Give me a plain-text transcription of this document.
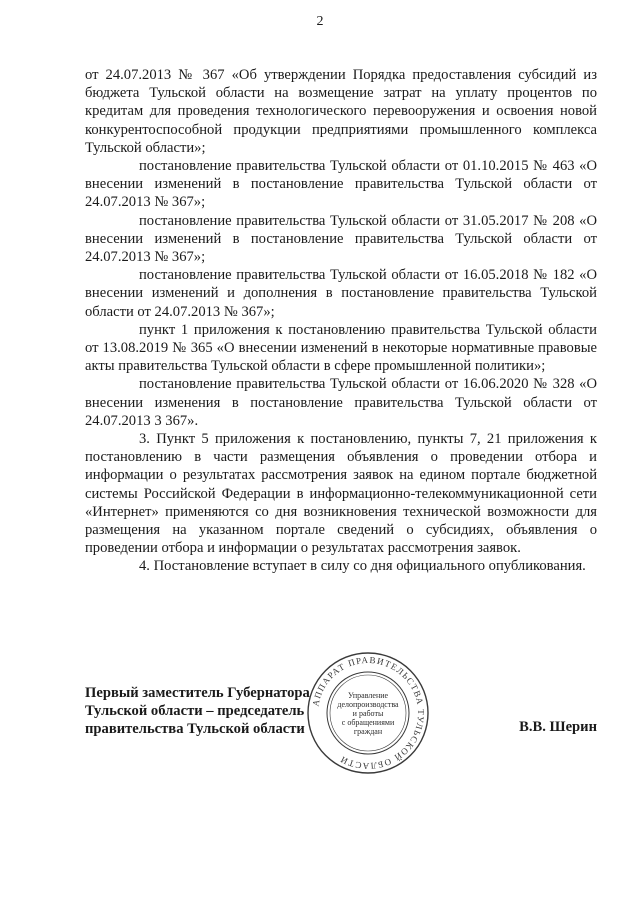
2

от 24.07.2013 № 367 «Об утверждении Порядка предоставления субсидий из бюджета Тульской области на возмещение затрат на уплату процентов по кредитам для проведения технологического перевооружения и освоения новой конкурентоспособной продукции предприятиями промышленного комплекса Тульской области»;

постановление правительства Тульской области от 01.10.2015 № 463 «О внесении изменений в постановление правительства Тульской области от 24.07.2013 № 367»;

постановление правительства Тульской области от 31.05.2017 № 208 «О внесении изменений в постановление правительства Тульской области от 24.07.2013 № 367»;

постановление правительства Тульской области от 16.05.2018 № 182 «О внесении изменений и дополнения в постановление правительства Тульской области от 24.07.2013 № 367»;

пункт 1 приложения к постановлению правительства Тульской области от 13.08.2019 № 365 «О внесении изменений в некоторые нормативные правовые акты правительства Тульской области в сфере промышленной политики»;

постановление правительства Тульской области от 16.06.2020 № 328 «О внесении изменения в постановление правительства Тульской области от 24.07.2013 3 367».

3. Пункт 5 приложения к постановлению, пункты 7, 21 приложения к постановлению в части размещения объявления о проведении отбора и информации о результатах рассмотрения заявок на едином портале бюджетной системы Российской Федерации в информационно-телекоммуникационной сети «Интернет» применяются со дня возникновения технической возможности для размещения на указанном портале сведений о субсидиях, объявления о проведении отбора и информации о результатах рассмотрения заявок.

4. Постановление вступает в силу со дня официального опубликования.

АППАРАТ ПРАВИТЕЛЬСТВА ТУЛЬСКОЙ ОБЛАСТИ
Управление
делопроизводства
и работы
с обращениями
граждан
Первый заместитель Губернатора
Тульской области – председатель
правительства Тульской области	В.В. Шерин
